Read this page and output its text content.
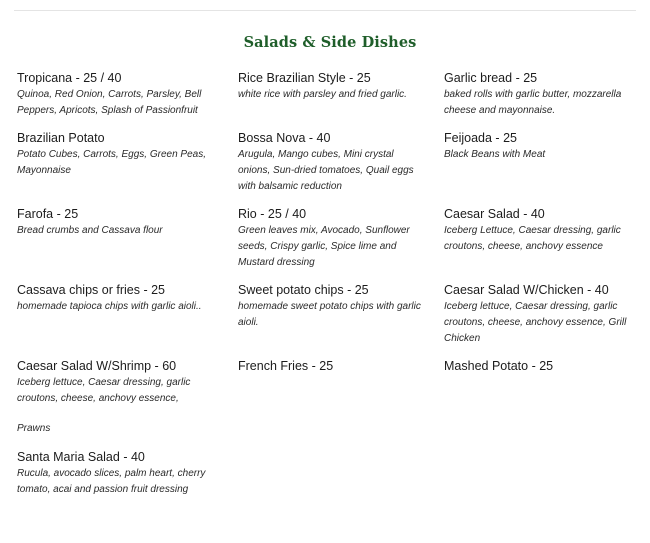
Salads & Side Dishes
Tropicana - 25 / 40
Quinoa, Red Onion, Carrots, Parsley, Bell Peppers, Apricots, Splash of Passionfruit
Rice Brazilian Style - 25
white rice with parsley and fried garlic.
Garlic bread - 25
baked rolls with garlic butter, mozzarella cheese and mayonnaise.
Brazilian Potato
Potato Cubes, Carrots, Eggs, Green Peas, Mayonnaise
Bossa Nova - 40
Arugula, Mango cubes, Mini crystal onions, Sun-dried tomatoes, Quail eggs with balsamic reduction
Feijoada - 25
Black Beans with Meat
Farofa - 25
Bread crumbs and Cassava flour
Rio - 25 / 40
Green leaves mix, Avocado, Sunflower seeds, Crispy garlic, Spice lime and Mustard dressing
Caesar Salad - 40
Iceberg Lettuce, Caesar dressing, garlic croutons, cheese, anchovy essence
Cassava chips or fries - 25
homemade tapioca chips with garlic aioli..
Sweet potato chips - 25
homemade sweet potato chips with garlic aioli.
Caesar Salad W/Chicken - 40
Iceberg lettuce, Caesar dressing, garlic croutons, cheese, anchovy essence, Grill Chicken
Caesar Salad W/Shrimp - 60
Iceberg lettuce, Caesar dressing, garlic croutons, cheese, anchovy essence,
Prawns
French Fries - 25	Mashed Potato - 25
Santa Maria Salad - 40
Rucula, avocado slices, palm heart, cherry tomato, acai and passion fruit dressing
